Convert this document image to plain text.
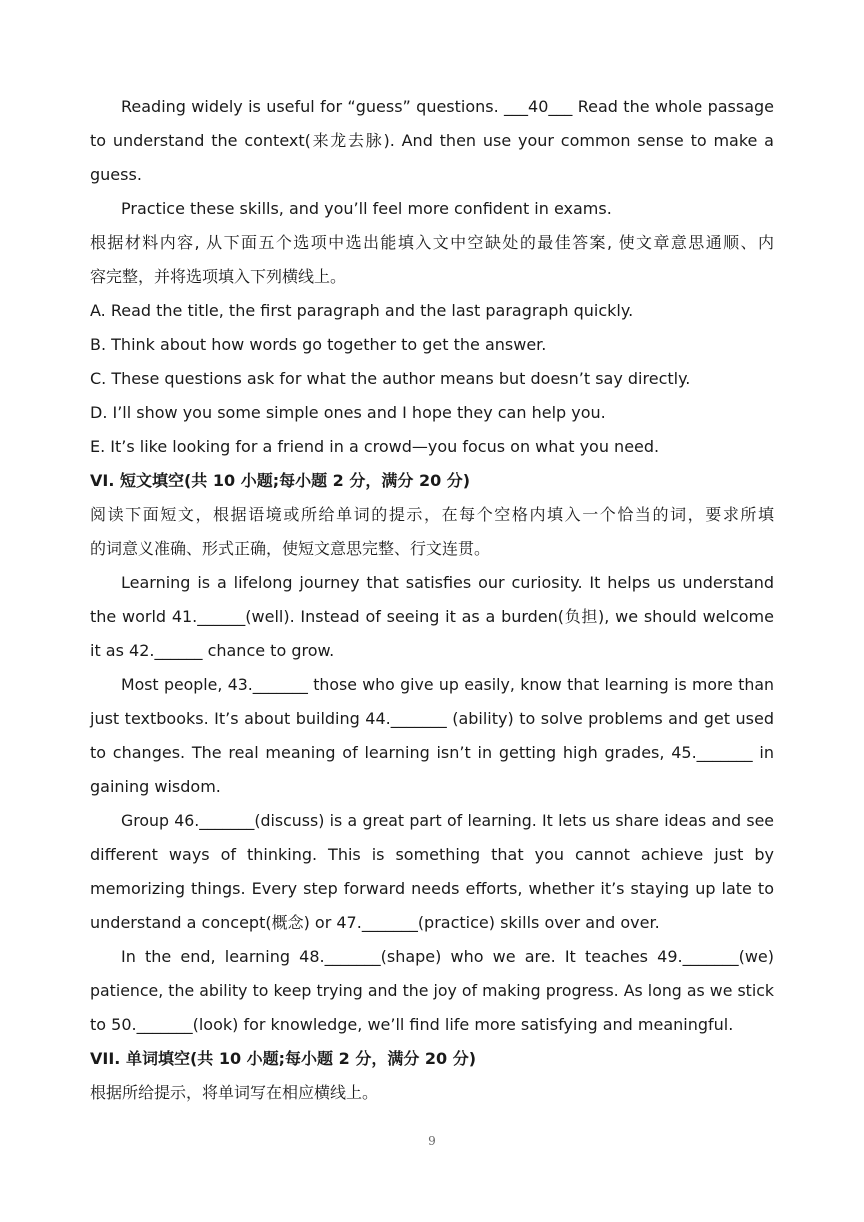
Reading widely is useful for “guess” questions. ___40___ Read the whole passage
to understand the context(来龙去脉). And then use your common sense to make a
guess.
Practice these skills, and you’ll feel more confident in exams.
根据材料内容, 从下面五个选项中选出能填入文中空缺处的最佳答案, 使文章意思通顺、内
容完整，并将选项填入下列横线上。
A. Read the title, the first paragraph and the last paragraph quickly.
B. Think about how words go together to get the answer.
C. These questions ask for what the author means but doesn’t say directly.
D. I’ll show you some simple ones and I hope they can help you.
E. It’s like looking for a friend in a crowd—you focus on what you need.
VI. 短文填空(共 10 小题;每小题 2 分，满分 20 分)
阅读下面短文，根据语境或所给单词的提示，在每个空格内填入一个恰当的词，要求所填
的词意义准确、形式正确，使短文意思完整、行文连贯。
Learning is a lifelong journey that satisfies our curiosity. It helps us understand
the world 41.______(well). Instead of seeing it as a burden(负担), we should welcome
it as 42.______ chance to grow.
Most people, 43._______ those who give up easily, know that learning is more than
just textbooks. It’s about building 44._______ (ability) to solve problems and get used
to changes. The real meaning of learning isn’t in getting high grades, 45._______ in
gaining wisdom.
Group 46._______(discuss) is a great part of learning. It lets us share ideas and see
different ways of thinking. This is something that you cannot achieve just by
memorizing things. Every step forward needs efforts, whether it’s staying up late to
understand a concept(概念) or 47._______(practice) skills over and over.
In the end, learning 48._______(shape) who we are. It teaches 49._______(we)
patience, the ability to keep trying and the joy of making progress. As long as we stick
to 50._______(look) for knowledge, we’ll find life more satisfying and meaningful.
VII. 单词填空(共 10 小题;每小题 2 分，满分 20 分)
根据所给提示，将单词写在相应横线上。
9
